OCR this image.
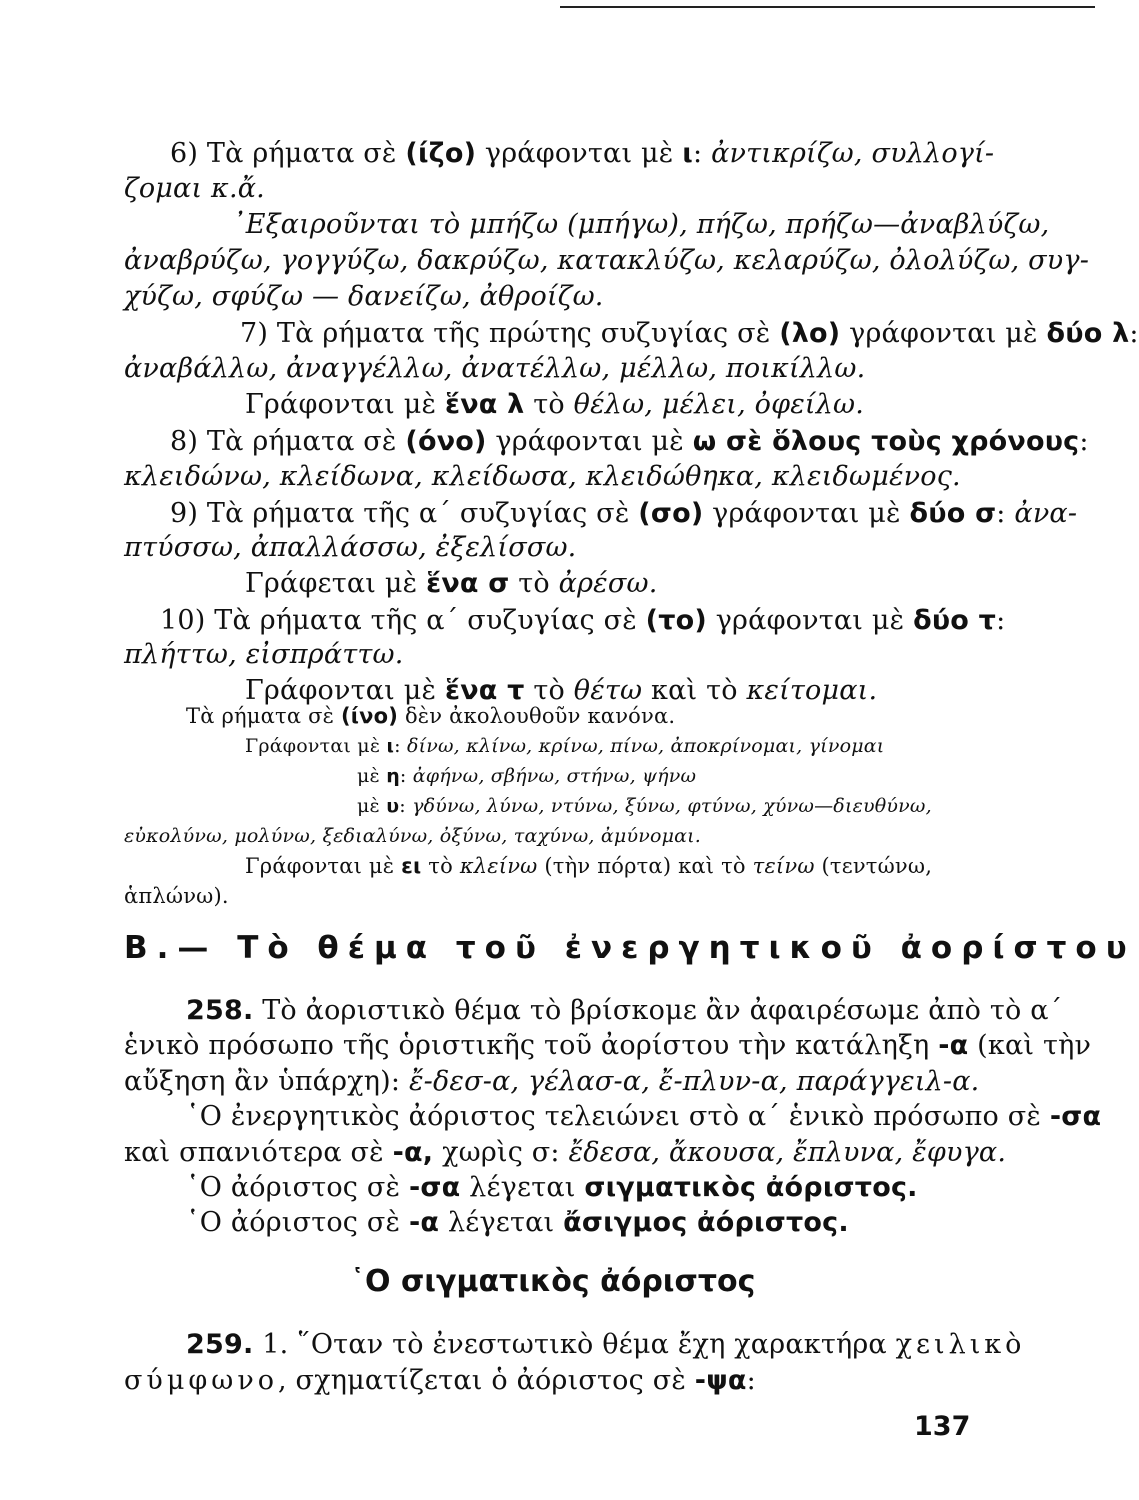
6) Τὰ ρήματα σὲ (ίζο) γράφονται μὲ ι: ἀντικρίζω, συλλογί-
ζομαι κ.ἄ.
᾿Εξαιροῦνται τὸ μπήζω (μπήγω), πήζω, πρήζω—ἀναβλύζω,
ἀναβρύζω, γογγύζω, δακρύζω, κατακλύζω, κελαρύζω, ὀλολύζω, συγ-
χύζω, σφύζω — δανείζω, ἀθροίζω.
7) Τὰ ρήματα τῆς πρώτης συζυγίας σὲ (λο) γράφονται μὲ δύο λ:
ἀναβάλλω, ἀναγγέλλω, ἀνατέλλω, μέλλω, ποικίλλω.
Γράφονται μὲ ἕνα λ τὸ θέλω, μέλει, ὀφείλω.
8) Τὰ ρήματα σὲ (όνο) γράφονται μὲ ω σὲ ὅλους τοὺς χρόνους:
κλειδώνω, κλείδωνα, κλείδωσα, κλειδώθηκα, κλειδωμένος.
9) Τὰ ρήματα τῆς α΄ συζυγίας σὲ (σο) γράφονται μὲ δύο σ: ἀνα-
πτύσσω, ἀπαλλάσσω, ἐξελίσσω.
Γράφεται μὲ ἕνα σ τὸ ἀρέσω.
10) Τὰ ρήματα τῆς α΄ συζυγίας σὲ (το) γράφονται μὲ δύο τ:
πλήττω, εἰσπράττω.
Γράφονται μὲ ἕνα τ τὸ θέτω καὶ τὸ κείτομαι.
Τὰ ρήματα σὲ (ίνο) δὲν ἀκολουθοῦν κανόνα.
Γράφονται μὲ ι: δίνω, κλίνω, κρίνω, πίνω, ἀποκρίνομαι, γίνομαι
μὲ η: ἀφήνω, σβήνω, στήνω, ψήνω
μὲ υ: γδύνω, λύνω, ντύνω, ξύνω, φτύνω, χύνω—διευθύνω,
εὐκολύνω, μολύνω, ξεδιαλύνω, ὀξύνω, ταχύνω, ἀμύνομαι.
Γράφονται μὲ ει τὸ κλείνω (τὴν πόρτα) καὶ τὸ τείνω (τεντώνω,
ἁπλώνω).
Β.— Τὸ θέμα τοῦ ἐνεργητικοῦ ἀορίστου
258. Τὸ ἀοριστικὸ θέμα τὸ βρίσκομε ἂν ἀφαιρέσωμε ἀπὸ τὸ α΄
ἑνικὸ πρόσωπο τῆς ὁριστικῆς τοῦ ἀορίστου τὴν κατάληξη -α (καὶ τὴν
αὔξηση ἂν ὑπάρχη): ἔ-δεσ-α, γέλασ-α, ἔ-πλυν-α, παράγγειλ-α.
῾Ο ἐνεργητικὸς ἀόριστος τελειώνει στὸ α΄ ἑνικὸ πρόσωπο σὲ -σα
καὶ σπανιότερα σὲ -α, χωρὶς σ: ἔδεσα, ἄκουσα, ἔπλυνα, ἔφυγα.
῾Ο ἀόριστος σὲ -σα λέγεται σιγματικὸς ἀόριστος.
῾Ο ἀόριστος σὲ -α λέγεται ἄσιγμος ἀόριστος.
῾Ο σιγματικὸς ἀόριστος
259. 1. ῞Οταν τὸ ἐνεστωτικὸ θέμα ἔχη χαρακτήρα χειλικὸ
σύμφωνο, σχηματίζεται ὁ ἀόριστος σὲ -ψα:
137
